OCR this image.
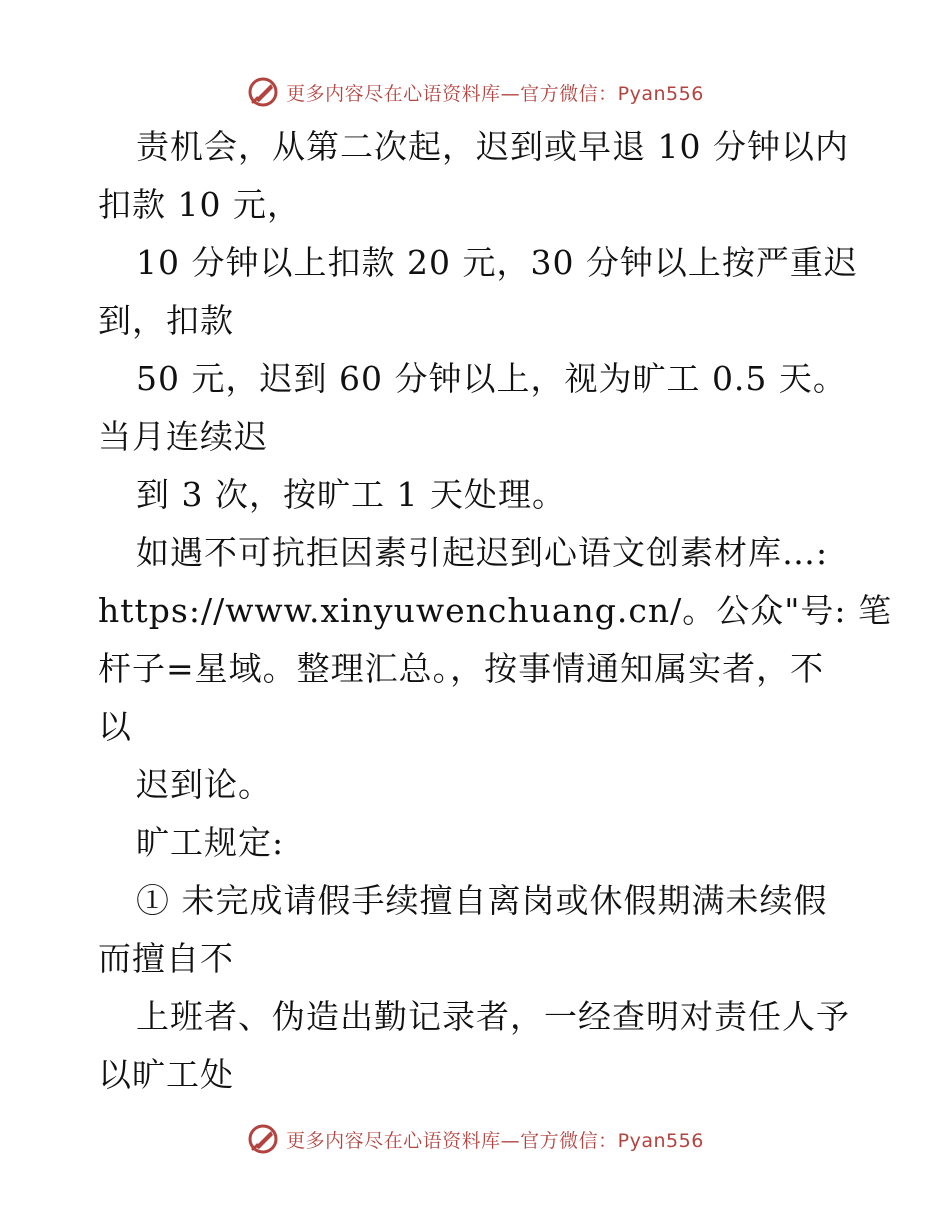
更多内容尽在心语资料库—官方微信：Pyan556
责机会，从第二次起，迟到或早退 10 分钟以内
扣款 10 元，
10 分钟以上扣款 20 元，30 分钟以上按严重迟
到，扣款
50 元，迟到 60 分钟以上，视为旷工 0.5 天。
当月连续迟
到 3 次，按旷工 1 天处理。
如遇不可抗拒因素引起迟到心语文创素材库…:
https://www.xinyuwenchuang.cn/。公众"号: 笔
杆子=星域。整理汇总。，按事情通知属实者，不
以
迟到论。
旷工规定:
① 未完成请假手续擅自离岗或休假期满未续假
而擅自不
上班者、伪造出勤记录者，一经查明对责任人予
以旷工处
更多内容尽在心语资料库—官方微信：Pyan556
